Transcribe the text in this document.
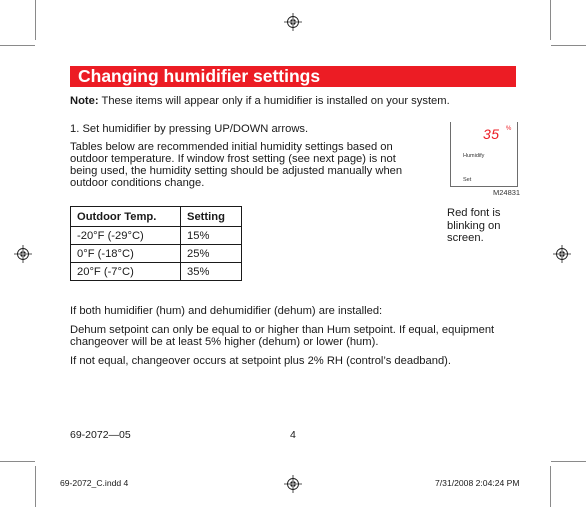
Changing humidifier settings
Note: These items will appear only if a humidifier is installed on your system.
1. Set humidifier by pressing UP/DOWN arrows.
Tables below are recommended initial humidity settings based on
outdoor temperature. If window frost setting (see next page) is not
being used, the humidity setting should be adjusted manually when
outdoor conditions change.
35 %
Humidify
Set
M24831
Red font is
blinking on
screen.
Outdoor Temp.	Setting
-20°F (-29°C)	15%
0°F (-18°C)	25%
20°F (-7°C)	35%
If both humidifier (hum) and dehumidifier (dehum) are installed:
Dehum setpoint can only be equal to or higher than Hum setpoint. If equal, equipment
changeover will be at least 5% higher (dehum) or lower (hum).
If not equal, changeover occurs at setpoint plus 2% RH (control’s deadband).
69-2072—05	4
69-2072_C.indd 4	7/31/2008 2:04:24 PM
